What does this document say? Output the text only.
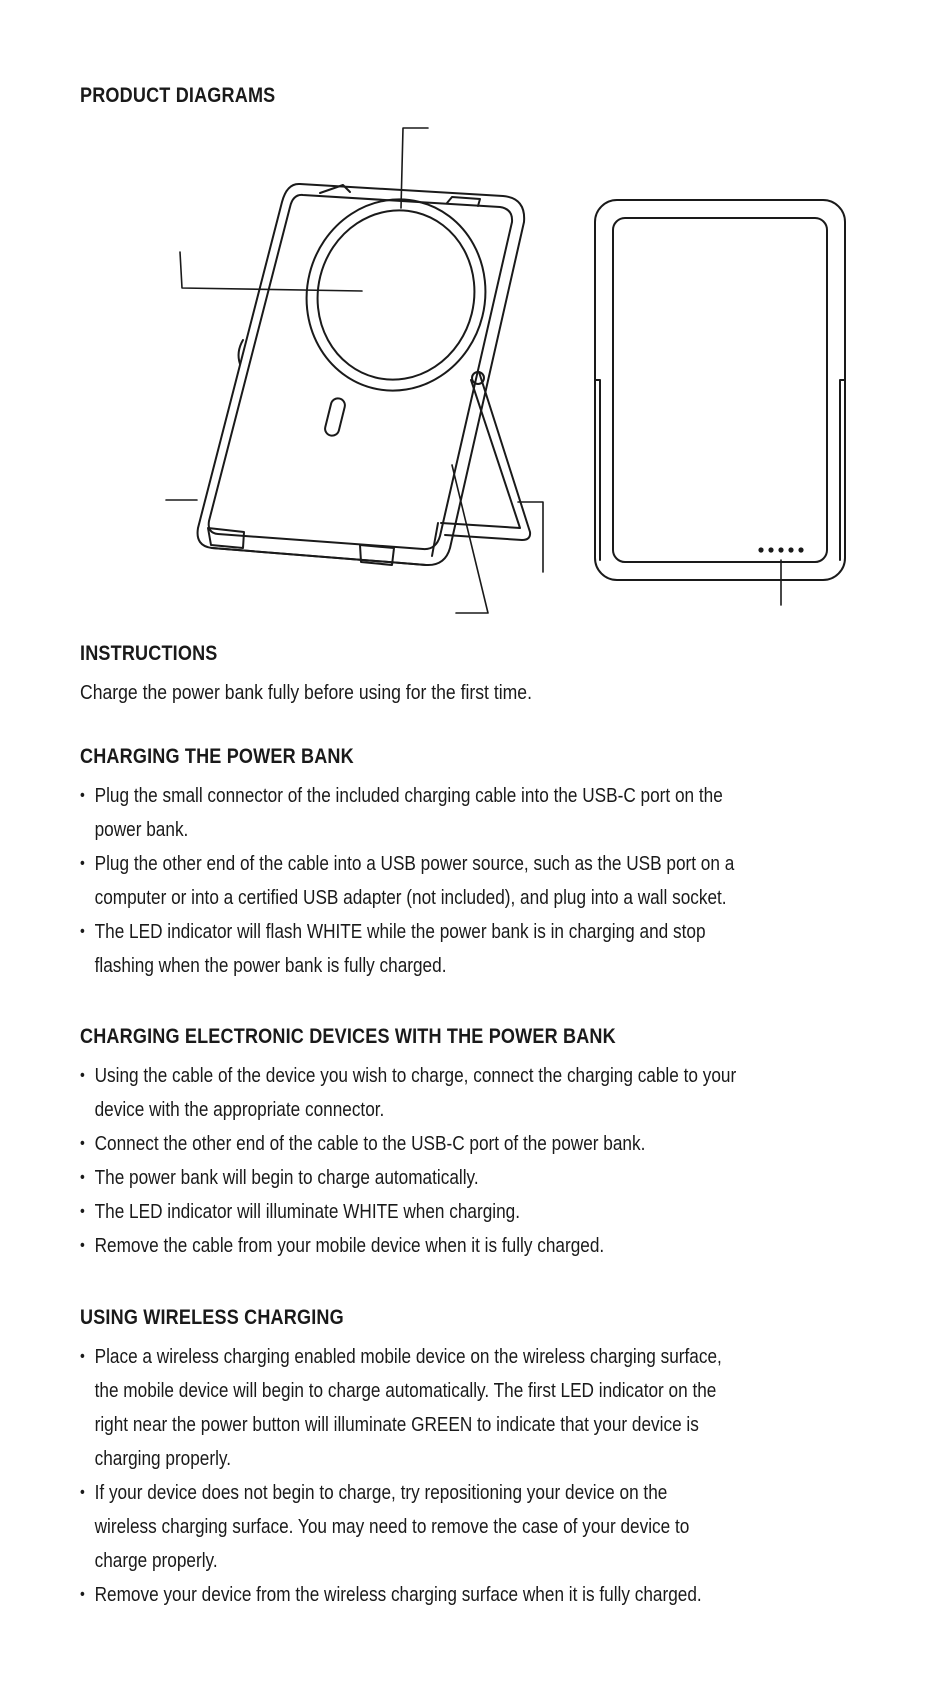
PRODUCT DIAGRAMS
INSTRUCTIONS

Charge the power bank fully before using for the first time.

CHARGING THE POWER BANK
• Plug the small connector of the included charging cable into the USB-C port on the
power bank.
• Plug the other end of the cable into a USB power source, such as the USB port on a
computer or into a certified USB adapter (not included), and plug into a wall socket.
• The LED indicator will flash WHITE while the power bank is in charging and stop
flashing when the power bank is fully charged.
CHARGING ELECTRONIC DEVICES WITH THE POWER BANK
• Using the cable of the device you wish to charge, connect the charging cable to your
device with the appropriate connector.
• Connect the other end of the cable to the USB-C port of the power bank.
• The power bank will begin to charge automatically.
• The LED indicator will illuminate WHITE when charging.
• Remove the cable from your mobile device when it is fully charged.
USING WIRELESS CHARGING
• Place a wireless charging enabled mobile device on the wireless charging surface,
the mobile device will begin to charge automatically. The first LED indicator on the
right near the power button will illuminate GREEN to indicate that your device is
charging properly.
• If your device does not begin to charge, try repositioning your device on the
wireless charging surface. You may need to remove the case of your device to
charge properly.
• Remove your device from the wireless charging surface when it is fully charged.
